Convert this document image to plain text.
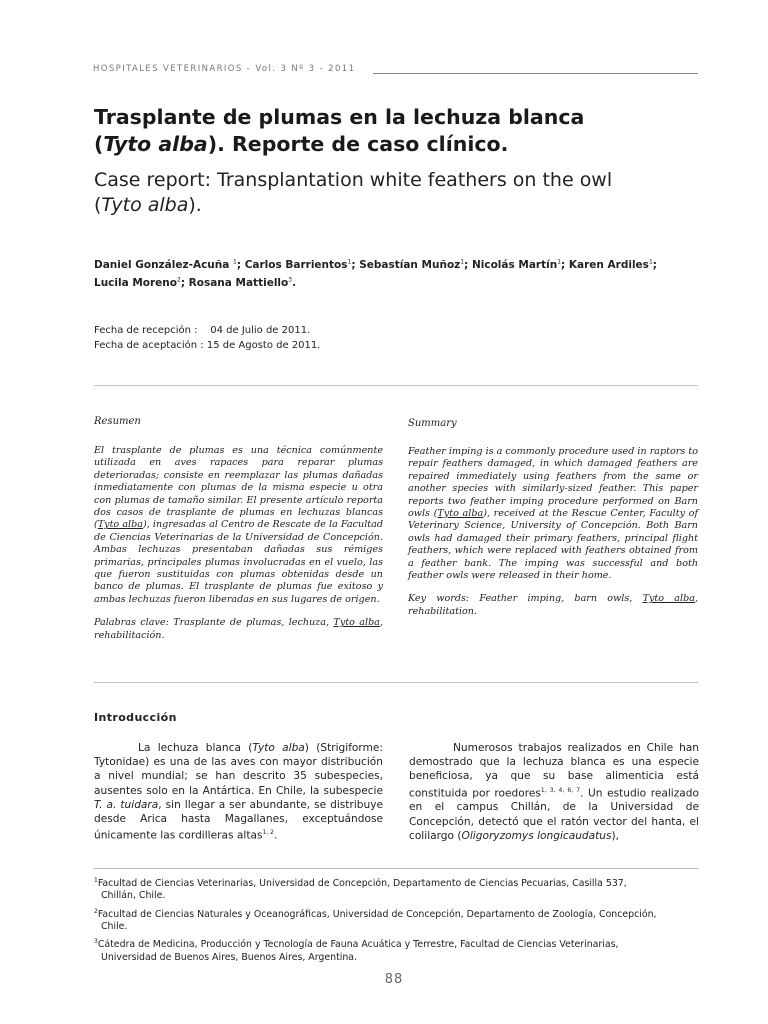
HOSPITALES VETERINARIOS - Vol. 3 Nº 3 - 2011
Trasplante de plumas en la lechuza blanca
(Tyto alba). Reporte de caso clínico.
Case report: Transplantation white feathers on the owl
(Tyto alba).
Daniel González-Acuña $^1$; Carlos Barrientos$^1$; Sebastían Muñoz$^1$; Nicolás Martín$^1$; Karen Ardiles$^1$;
Lucila Moreno$^2$; Rosana Mattiello$^3$.
Fecha de recepción : 04 de Julio de 2011.
Fecha de aceptación : 15 de Agosto de 2011.
Resumen
El trasplante de plumas es una técnica comúnmente utilizada en aves rapaces para reparar plumas deterioradas; consiste en reemplazar las plumas dañadas inmediatamente con plumas de la misma especie u otra con plumas de tamaño similar. El presente artículo reporta dos casos de trasplante de plumas en lechuzas blancas (Tyto alba), ingresadas al Centro de Rescate de la Facultad de Ciencias Veterinarias de la Universidad de Concepción. Ambas lechuzas presentaban dañadas sus rémiges primarias, principales plumas involucradas en el vuelo, las que fueron sustituidas con plumas obtenidas desde un banco de plumas. El trasplante de plumas fue exitoso y ambas lechuzas fueron liberadas en sus lugares de origen.
Palabras clave: Trasplante de plumas, lechuza, Tyto alba, rehabilitación.
Summary
Feather imping is a commonly procedure used in raptors to repair feathers damaged, in which damaged feathers are repaired immediately using feathers from the same or another species with similarly-sized feather. This paper reports two feather imping procedure performed on Barn owls (Tyto alba), received at the Rescue Center, Faculty of Veterinary Science, University of Concepción. Both Barn owls had damaged their primary feathers, principal flight feathers, which were replaced with feathers obtained from a feather bank. The imping was successful and both feather owls were released in their home.
Key words: Feather imping, barn owls, Tyto alba, rehabilitation.
Introducción
La lechuza blanca (Tyto alba) (Strigiforme: Tytonidae) es una de las aves con mayor distribución a nivel mundial; se han descrito 35 subespecies, ausentes solo en la Antártica. En Chile, la subespecie T. a. tuidara, sin llegar a ser abundante, se distribuye desde Arica hasta Magallanes, exceptuándose únicamente las cordilleras altas$^{1, 2}$.
Numerosos trabajos realizados en Chile han demostrado que la lechuza blanca es una especie beneficiosa, ya que su base alimenticia está constituida por roedores$^{1, 3, 4, 6, 7}$. Un estudio realizado en el campus Chillán, de la Universidad de Concepción, detectó que el ratón vector del hanta, el colilargo (Oligoryzomys longicaudatus),
$^1$Facultad de Ciencias Veterinarias, Universidad de Concepción, Departamento de Ciencias Pecuarias, Casilla 537,
Chillán, Chile.
$^2$Facultad de Ciencias Naturales y Oceanográficas, Universidad de Concepción, Departamento de Zoología, Concepción,
Chile.
$^3$Cátedra de Medicina, Producción y Tecnología de Fauna Acuática y Terrestre, Facultad de Ciencias Veterinarias,
Universidad de Buenos Aires, Buenos Aires, Argentina.
88
